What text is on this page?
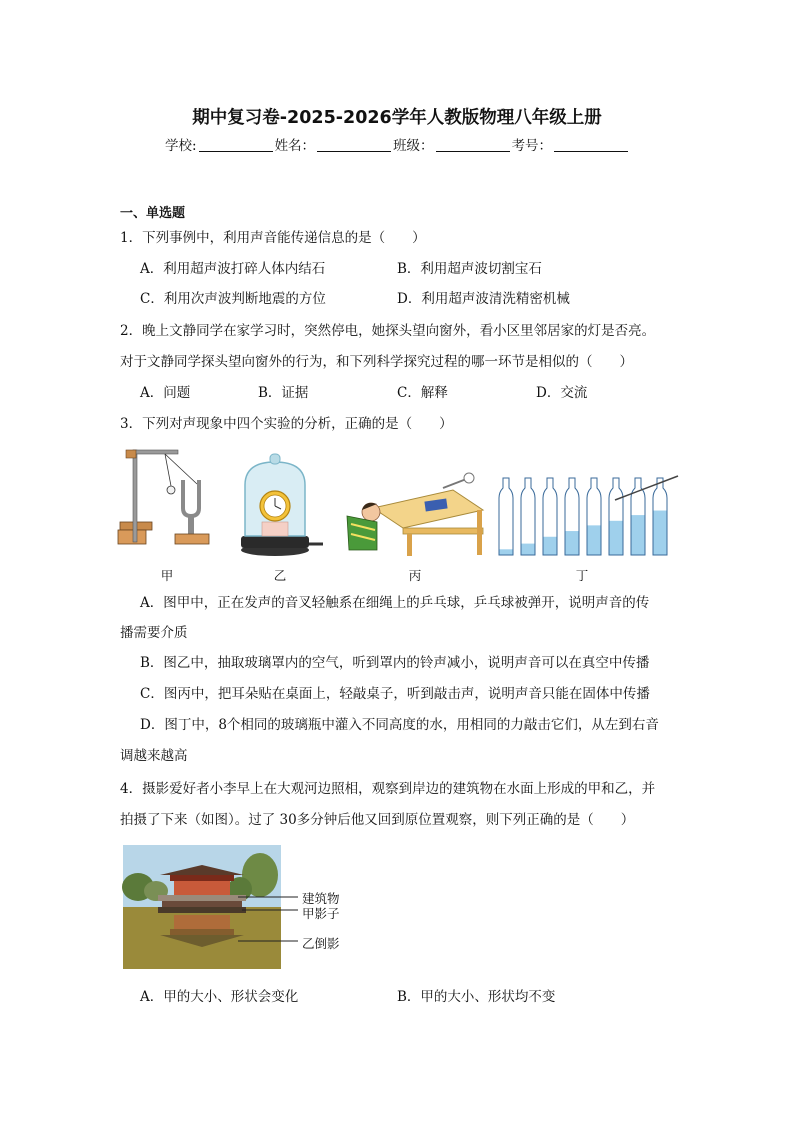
期中复习卷-2025-2026学年人教版物理八年级上册
学校:	姓名：	班级：	考号：
一、单选题
1．下列事例中，利用声音能传递信息的是（　　）
A．利用超声波打碎人体内结石	B．利用超声波切割宝石
C．利用次声波判断地震的方位	D．利用超声波清洗精密机械
2．晚上文静同学在家学习时，突然停电，她探头望向窗外，看小区里邻居家的灯是否亮。
对于文静同学探头望向窗外的行为，和下列科学探究过程的哪一环节是相似的（　　）
A．问题	B．证据	C．解释	D．交流
3．下列对声现象中四个实验的分析，正确的是（　　）
甲	乙	丙	丁
A．图甲中，正在发声的音叉轻触系在细绳上的乒乓球，乒乓球被弹开，说明声音的传
播需要介质
B．图乙中，抽取玻璃罩内的空气，听到罩内的铃声减小，说明声音可以在真空中传播
C．图丙中，把耳朵贴在桌面上，轻敲桌子，听到敲击声，说明声音只能在固体中传播
D．图丁中，8个相同的玻璃瓶中灌入不同高度的水，用相同的力敲击它们，从左到右音
调越来越高
4．摄影爱好者小李早上在大观河边照相，观察到岸边的建筑物在水面上形成的甲和乙，并
拍摄了下来（如图）。过了 30多分钟后他又回到原位置观察，则下列正确的是（　　）
建筑物
甲影子
乙倒影
A．甲的大小、形状会变化	B．甲的大小、形状均不变
